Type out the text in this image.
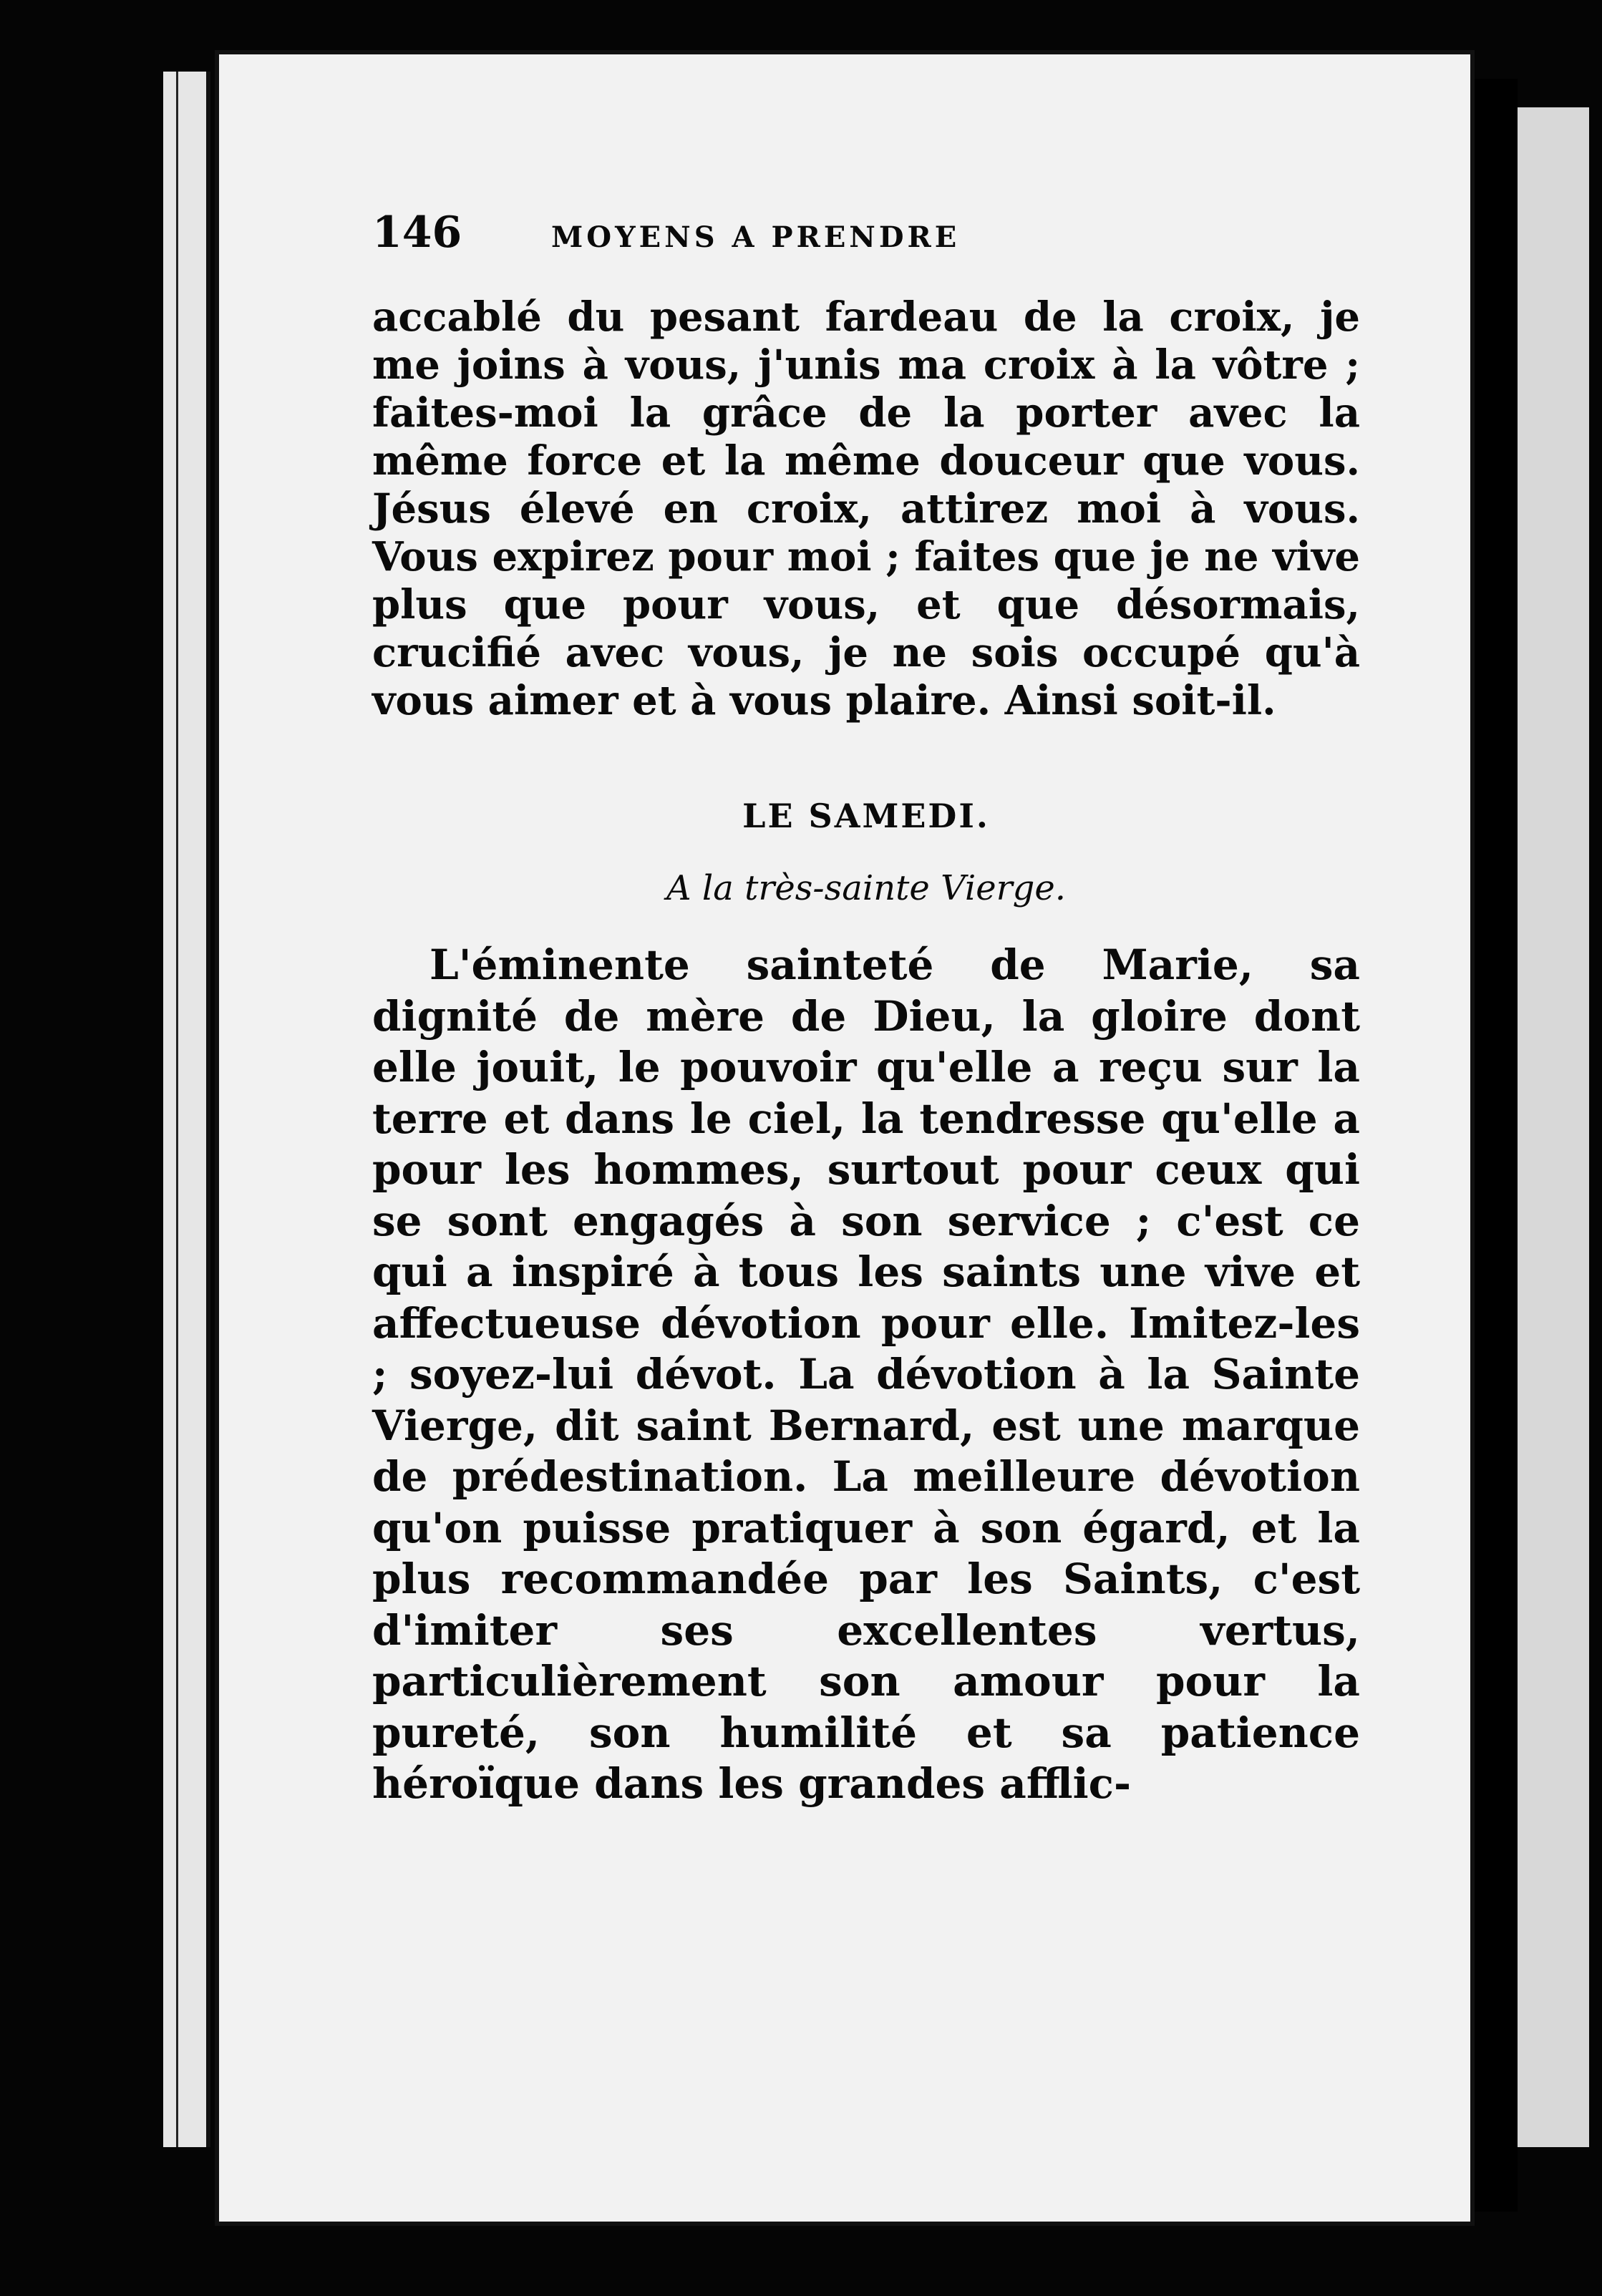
146	MOYENS A PRENDRE

accablé du pesant fardeau de la croix, je me joins à vous, j'unis ma croix à la vôtre ; faites-moi la grâce de la porter avec la même force et la même douceur que vous. Jésus élevé en croix, attirez moi à vous. Vous expirez pour moi ; faites que je ne vive plus que pour vous, et que désormais, crucifié avec vous, je ne sois occupé qu'à vous aimer et à vous plaire. Ainsi soit-il.

LE SAMEDI.
A la très-sainte Vierge.

L'éminente sainteté de Marie, sa dignité de mère de Dieu, la gloire dont elle jouit, le pouvoir qu'elle a reçu sur la terre et dans le ciel, la tendresse qu'elle a pour les hommes, surtout pour ceux qui se sont engagés à son service ; c'est ce qui a inspiré à tous les saints une vive et affectueuse dévotion pour elle. Imitez-les ; soyez-lui dévot. La dévotion à la Sainte Vierge, dit saint Bernard, est une marque de prédestination. La meilleure dévotion qu'on puisse pratiquer à son égard, et la plus recommandée par les Saints, c'est d'imiter ses excellentes vertus, particulièrement son amour pour la pureté, son humilité et sa patience héroïque dans les grandes afflic-
